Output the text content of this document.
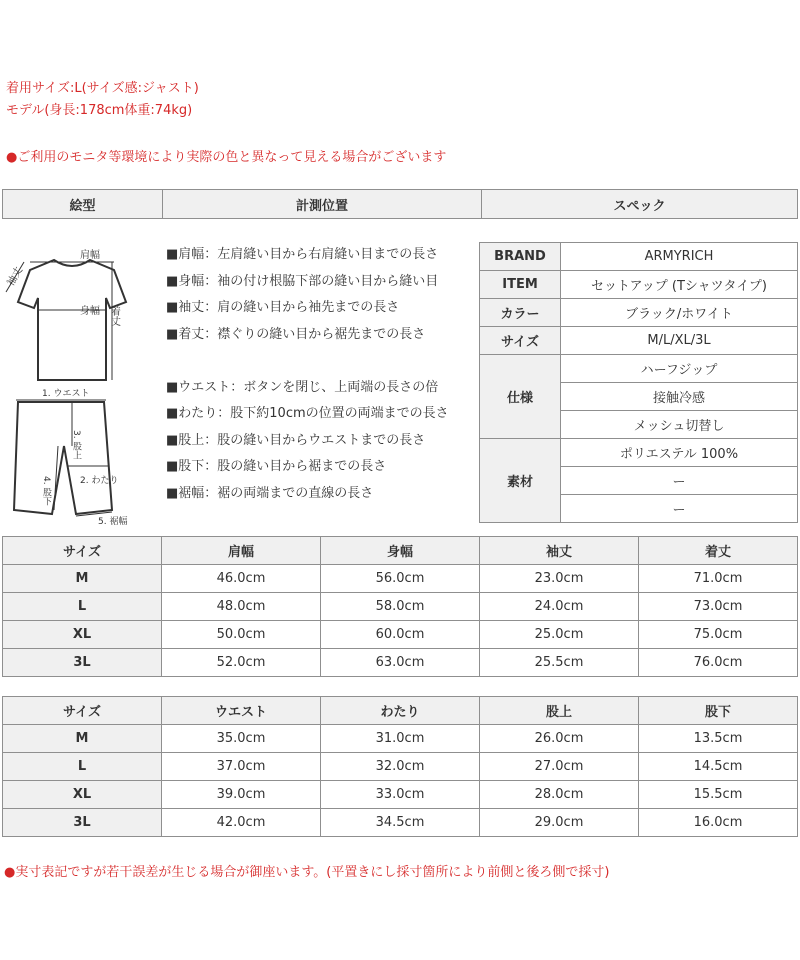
着用サイズ:L(サイズ感:ジャスト)
モデル(身長:178cm体重:74kg)
●ご利用のモニタ等環境により実際の色と異なって見える場合がございます
絵型	計測位置	スペック
肩幅
身幅
袖丈
着丈
1. ウエスト
3. 股上
2. わたり
4. 股下
5. 裾幅
■肩幅：左肩縫い目から右肩縫い目までの長さ
■身幅：袖の付け根脇下部の縫い目から縫い目
■袖丈：肩の縫い目から袖先までの長さ
■着丈：襟ぐりの縫い目から裾先までの長さ
■ウエスト：ボタンを閉じ、上両端の長さの倍
■わたり：股下約10cmの位置の両端までの長さ
■股上：股の縫い目からウエストまでの長さ
■股下：股の縫い目から裾までの長さ
■裾幅：裾の両端までの直線の長さ
BRAND	ARMYRICH
ITEM	セットアップ (Tシャツタイプ)
カラー	ブラック/ホワイト
サイズ	M/L/XL/3L
仕様	ハーフジップ
	接触冷感
	メッシュ切替し
素材	ポリエステル 100%
	ー
	ー
サイズ	肩幅	身幅	袖丈	着丈
M	46.0cm	56.0cm	23.0cm	71.0cm
L	48.0cm	58.0cm	24.0cm	73.0cm
XL	50.0cm	60.0cm	25.0cm	75.0cm
3L	52.0cm	63.0cm	25.5cm	76.0cm
サイズ	ウエスト	わたり	股上	股下
M	35.0cm	31.0cm	26.0cm	13.5cm
L	37.0cm	32.0cm	27.0cm	14.5cm
XL	39.0cm	33.0cm	28.0cm	15.5cm
3L	42.0cm	34.5cm	29.0cm	16.0cm
●実寸表記ですが若干誤差が生じる場合が御座います。(平置きにし採寸箇所により前側と後ろ側で採寸)
